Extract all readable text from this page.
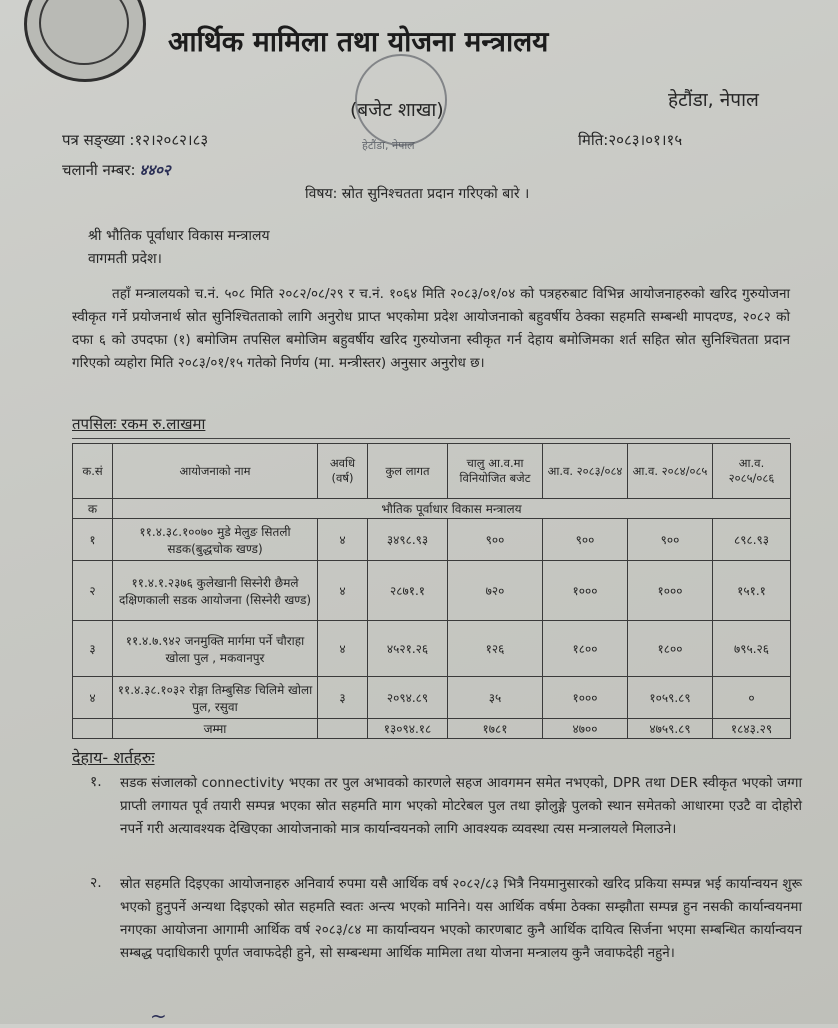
आर्थिक मामिला तथा योजना मन्त्रालय
हेटौंडा, नेपाल
(बजेट शाखा)	हेटौंडा, नेपाल
पत्र सङ्ख्या :१२।२०८२।८३	मिति:२०८३।०१।१५
चलानी नम्बर: ४४०२
विषय: स्रोत सुनिश्चतता प्रदान गरिएको बारे ।
श्री भौतिक पूर्वाधार विकास मन्त्रालय
वागमती प्रदेश।
तहाँ मन्त्रालयको च.नं. ५०८ मिति २०८२/०८/२९ र च.नं. १०६४ मिति २०८३/०१/०४ को पत्रहरुबाट विभिन्न आयोजनाहरुको खरिद गुरुयोजना स्वीकृत गर्ने प्रयोजनार्थ स्रोत सुनिश्चितताको लागि अनुरोध प्राप्त भएकोमा प्रदेश आयोजनाको बहुवर्षीय ठेक्का सहमति सम्बन्धी मापदण्ड, २०८२ को दफा ६ को उपदफा (१) बमोजिम तपसिल बमोजिम बहुवर्षीय खरिद गुरुयोजना स्वीकृत गर्न देहाय बमोजिमका शर्त सहित स्रोत सुनिश्चितता प्रदान गरिएको व्यहोरा मिति २०८३/०१/१५ गतेको निर्णय (मा. मन्त्रीस्तर) अनुसार अनुरोध छ।
तपसिलः रकम रु.लाखमा
क.सं	आयोजनाको नाम	अवधि (वर्ष)	कुल लागत	चालु आ.व.मा विनियोजित बजेट	आ.व. २०८३/०८४	आ.व. २०८४/०८५	आ.व. २०८५/०८६
क	भौतिक पूर्वाधार विकास मन्त्रालय						
१	११.४.३८.१००७० मुडे मेलुङ सितली सडक(बुद्धचोक खण्ड)	४	३४९८.९३	९००	९००	९००	८९८.९३
२	११.४.१.२३७६ कुलेखानी सिस्नेरी छैमले दक्षिणकाली सडक आयोजना (सिस्नेरी खण्ड)	४	२८७१.१	७२०	१०००	१०००	१५१.१
३	११.४.७.९४२ जनमुक्ति मार्गमा पर्ने चौराहा खोला पुल , मकवानपुर	४	४५२१.२६	१२६	१८००	१८००	७९५.२६
४	११.४.३८.१०३२ रोङ्गा तिम्बुसिङ चिलिमे खोला पुल, रसुवा	३	२०९४.८९	३५	१०००	१०५९.८९	०
	जम्मा		१३०९४.१८	१७८१	४७००	४७५९.८९	१८४३.२९
देहाय- शर्तहरुः
१. सडक संजालको connectivity भएका तर पुल अभावको कारणले सहज आवगमन समेत नभएको, DPR तथा DER स्वीकृत भएको जग्गा प्राप्ती लगायत पूर्व तयारी सम्पन्न भएका स्रोत सहमति माग भएको मोटरेबल पुल तथा झोलुङ्गे पुलको स्थान समेतको आधारमा एउटै वा दोहोरो नपर्ने गरी अत्यावश्यक देखिएका आयोजनाको मात्र कार्यान्वयनको लागि आवश्यक व्यवस्था त्यस मन्त्रालयले मिलाउने।
२. स्रोत सहमति दिइएका आयोजनाहरु अनिवार्य रुपमा यसै आर्थिक वर्ष २०८२/८३ भित्रै नियमानुसारको खरिद प्रकिया सम्पन्न भई कार्यान्वयन शुरू भएको हुनुपर्ने अन्यथा दिइएको स्रोत सहमति स्वतः अन्त्य भएको मानिने। यस आर्थिक वर्षमा ठेक्का सम्झौता सम्पन्न हुन नसकी कार्यान्वयनमा नगएका आयोजना आगामी आर्थिक वर्ष २०८३/८४ मा कार्यान्वयन भएको कारणबाट कुनै आर्थिक दायित्व सिर्जना भएमा सम्बन्धित कार्यान्वयन सम्बद्ध पदाधिकारी पूर्णत जवाफदेही हुने, सो सम्बन्धमा आर्थिक मामिला तथा योजना मन्त्रालय कुनै जवाफदेही नहुने।
~
